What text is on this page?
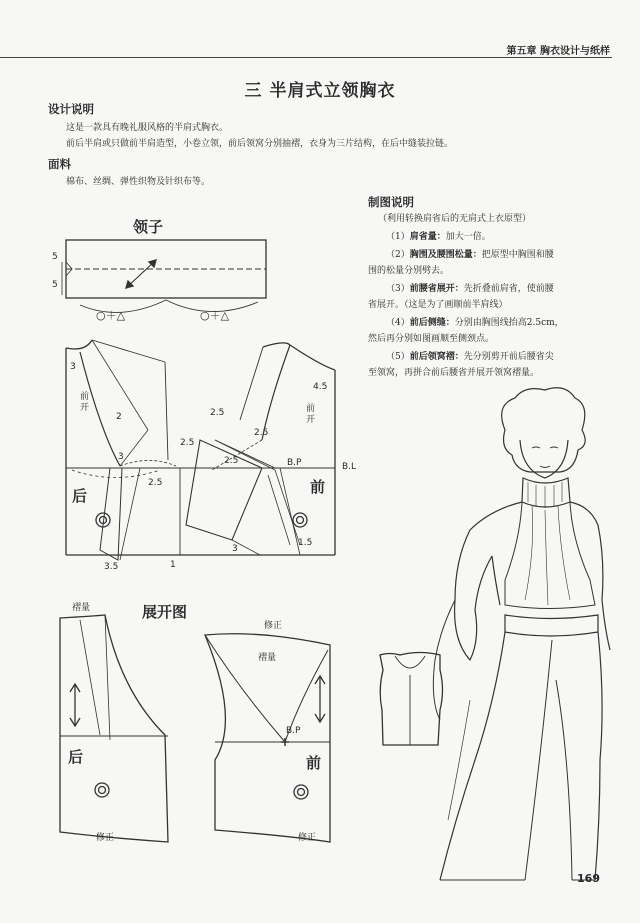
第五章 胸衣设计与纸样
三 半肩式立领胸衣
设计说明
这是一款具有晚礼服风格的半肩式胸衣。
前后半肩或只做前半肩造型，小卷立领，前后领窝分别抽褶，衣身为三片结构，在后中缝装拉链。
面料
棉布、丝绸、弹性织物及针织布等。
制图说明
（利用转换肩省后的无肩式上衣原型）
（1）肩省量：加大一倍。
（2）胸围及腰围松量：把原型中胸围和腰
围的松量分别劈去。
（3）前腰省展开：先折叠前肩省，使前腰
省展开。（这是为了画顺前半肩线）
（4）前后侧缝：分别由胸围线抬高2.5cm，
然后再分别如图画顺至侧颈点。
（5）前后领窝褶：先分别剪开前后腰省尖
至领窝，再拼合前后腰省并展开领窝褶量。
领子
5
5
○＋△	○＋△
后	前
B.L
B.P
前
开	前
开
3
2
3
2.5
2.5
2.5
2.5
2.5
4.5
3
3.5	1
1.5
展开图
褶量
褶量
修正
修正	修正
后	前
B.P
169
